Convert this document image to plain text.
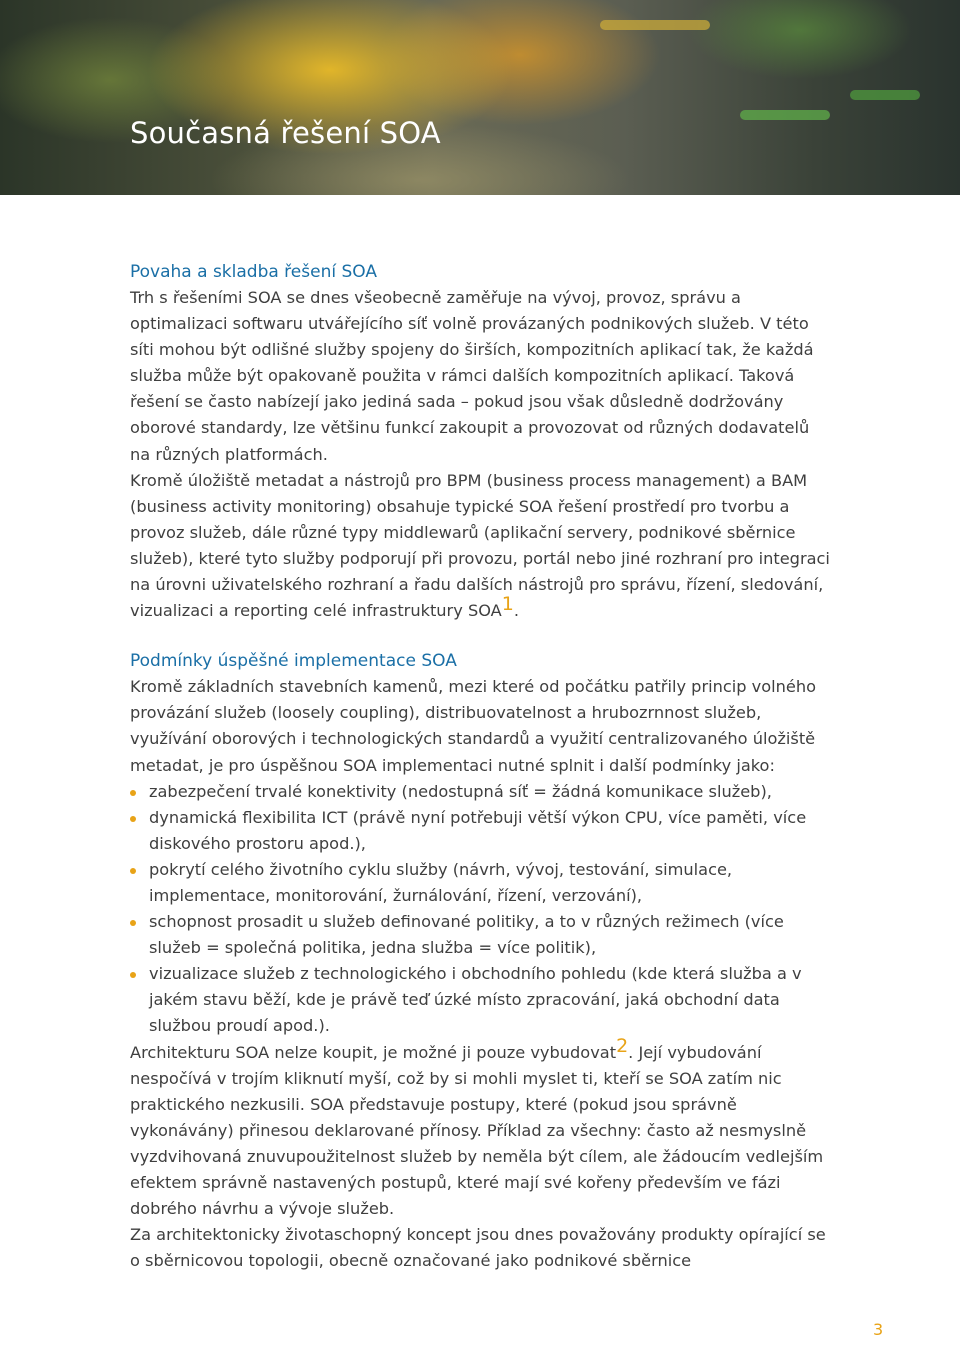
Současná řešení SOA
Povaha a skladba řešení SOA

Trh s řešeními SOA se dnes všeobecně zaměřuje na vývoj, provoz, správu a optimalizaci softwaru utvářejícího síť volně provázaných podnikových služeb. V této síti mohou být odlišné služby spojeny do širších, kompozitních aplikací tak, že každá služba může být opakovaně použita v rámci dalších kompozitních aplikací. Taková řešení se často nabízejí jako jediná sada – pokud jsou však důsledně dodržovány oborové standardy, lze většinu funkcí zakoupit a provozovat od různých dodavatelů na různých platformách.

Kromě úložiště metadat a nástrojů pro BPM (business process management) a BAM (business activity monitoring) obsahuje typické SOA řešení prostředí pro tvorbu a provoz služeb, dále různé typy middlewarů (aplikační servery, podnikové sběrnice služeb), které tyto služby podporují při provozu, portál nebo jiné rozhraní pro integraci na úrovni uživatelského rozhraní a řadu dalších nástrojů pro správu, řízení, sledování, vizualizaci a reporting celé infrastruktury SOA$^1$.

Podmínky úspěšné implementace SOA

Kromě základních stavebních kamenů, mezi které od počátku patřily princip volného provázání služeb (loosely coupling), distribuovatelnost a hrubozrnnost služeb, využívání oborových i technologických standardů a využití centralizovaného úložiště metadat, je pro úspěšnou SOA implementaci nutné splnit i další podmínky jako:

zabezpečení trvalé konektivity (nedostupná síť = žádná komunikace služeb),
dynamická flexibilita ICT (právě nyní potřebuji větší výkon CPU, více paměti, více diskového prostoru apod.),
pokrytí celého životního cyklu služby (návrh, vývoj, testování, simulace, implementace, monitorování, žurnálování, řízení, verzování),
schopnost prosadit u služeb definované politiky, a to v různých režimech (více služeb = společná politika, jedna služba = více politik),
vizualizace služeb z technologického i obchodního pohledu (kde která služba a v jakém stavu běží, kde je právě teď úzké místo zpracování, jaká obchodní data službou proudí apod.).

Architekturu SOA nelze koupit, je možné ji pouze vybudovat$^2$. Její vybudování nespočívá v trojím kliknutí myší, což by si mohli myslet ti, kteří se SOA zatím nic praktického nezkusili. SOA představuje postupy, které (pokud jsou správně vykonávány) přinesou deklarované přínosy. Příklad za všechny: často až nesmyslně vyzdvihovaná znuvupoužitelnost služeb by neměla být cílem, ale žádoucím vedlejším efektem správně nastavených postupů, které mají své kořeny především ve fázi dobrého návrhu a vývoje služeb.

Za architektonicky životaschopný koncept jsou dnes považovány produkty opírající se o sběrnicovou topologii, obecně označované jako podnikové sběrnice

3
